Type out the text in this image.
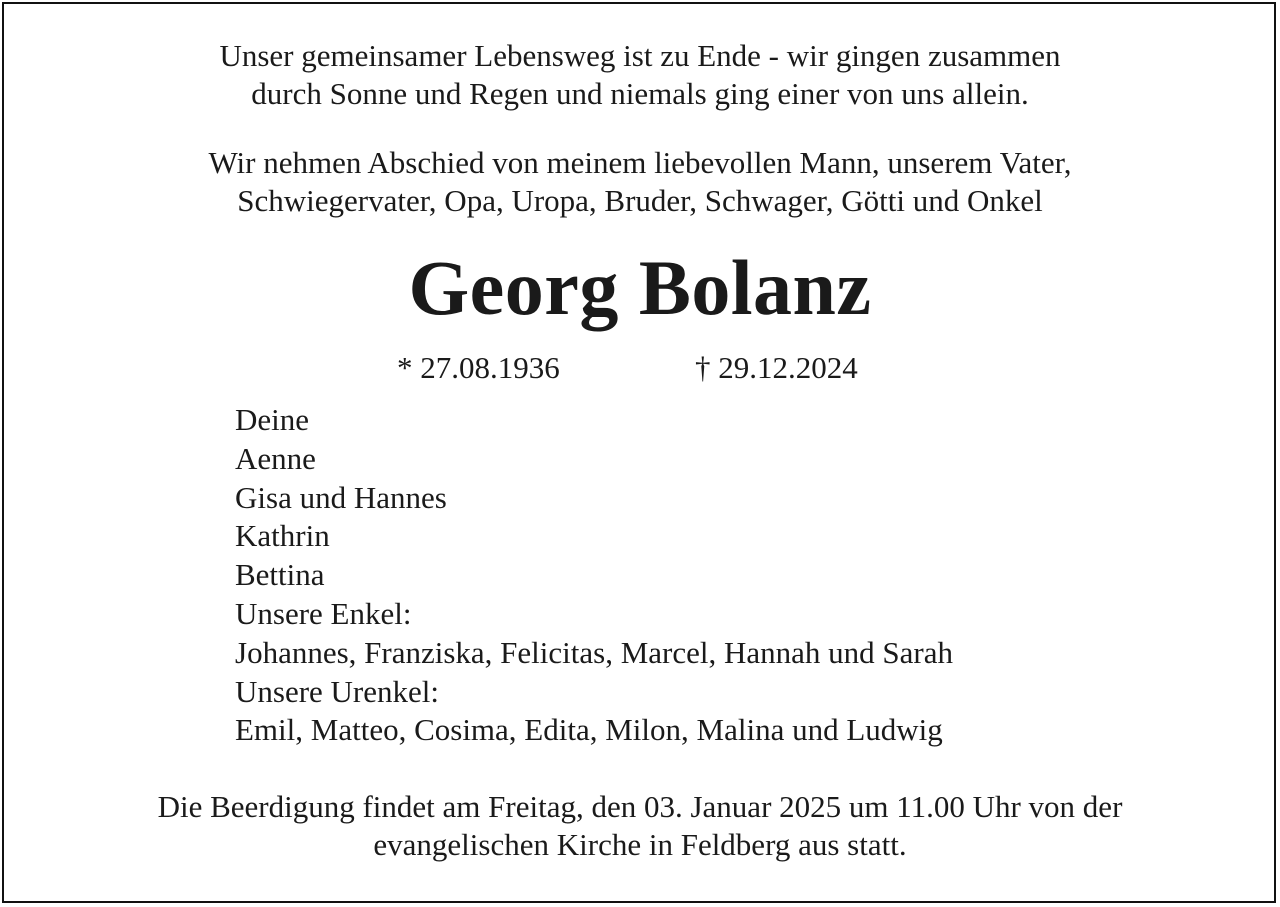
Unser gemeinsamer Lebensweg ist zu Ende - wir gingen zusammen
durch Sonne und Regen und niemals ging einer von uns allein.
Wir nehmen Abschied von meinem liebevollen Mann, unserem Vater,
Schwiegervater, Opa, Uropa, Bruder, Schwager, Götti und Onkel
Georg Bolanz
* 27.08.1936	† 29.12.2024
Deine
Aenne
Gisa und Hannes
Kathrin
Bettina
Unsere Enkel:
Johannes, Franziska, Felicitas, Marcel, Hannah und Sarah
Unsere Urenkel:
Emil, Matteo, Cosima, Edita, Milon, Malina und Ludwig
Die Beerdigung findet am Freitag, den 03. Januar 2025 um 11.00 Uhr von der
evangelischen Kirche in Feldberg aus statt.
